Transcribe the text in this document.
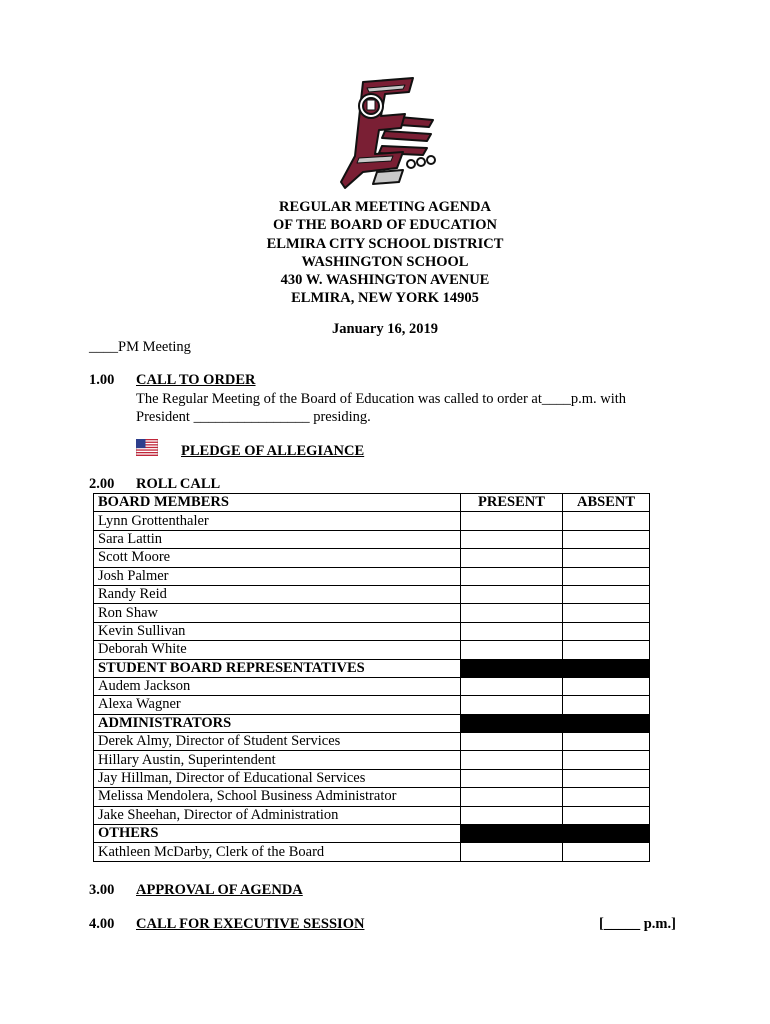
REGULAR MEETING AGENDA
OF THE BOARD OF EDUCATION
ELMIRA CITY SCHOOL DISTRICT
WASHINGTON SCHOOL
430 W. WASHINGTON AVENUE
ELMIRA, NEW YORK 14905
January 16, 2019
____PM Meeting
1.00 CALL TO ORDER
The Regular Meeting of the Board of Education was called to order at____p.m. with
President ________________ presiding.
PLEDGE OF ALLEGIANCE
2.00 ROLL CALL
BOARD MEMBERS	PRESENT	ABSENT
Lynn Grottenthaler		
Sara Lattin		
Scott Moore		
Josh Palmer		
Randy Reid		
Ron Shaw		
Kevin Sullivan		
Deborah White		
STUDENT BOARD REPRESENTATIVES		
Audem Jackson		
Alexa Wagner		
ADMINISTRATORS		
Derek Almy, Director of Student Services		
Hillary Austin, Superintendent		
Jay Hillman, Director of Educational Services		
Melissa Mendolera, School Business Administrator		
Jake Sheehan, Director of Administration		
OTHERS		
Kathleen McDarby, Clerk of the Board		
3.00 APPROVAL OF AGENDA
4.00 CALL FOR EXECUTIVE SESSION	[_____ p.m.]
